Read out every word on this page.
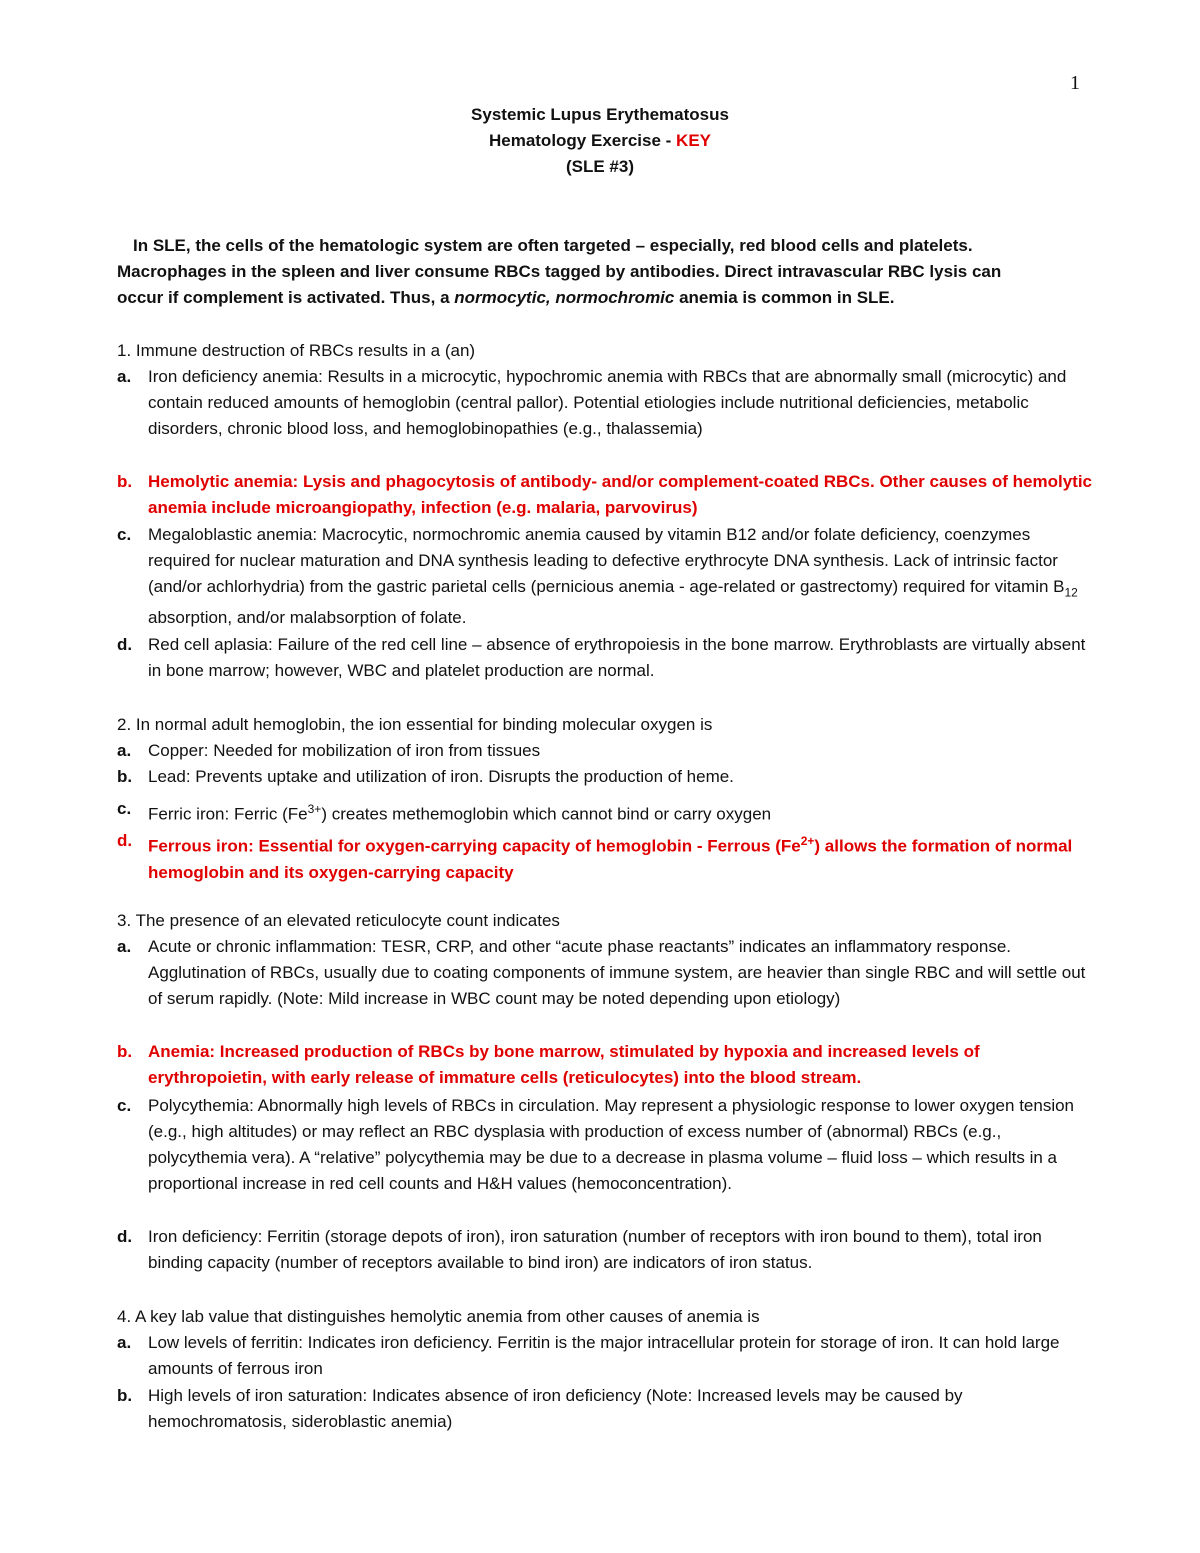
1
Systemic Lupus Erythematosus
Hematology Exercise - KEY
(SLE #3)
In SLE, the cells of the hematologic system are often targeted – especially, red blood cells and platelets.
Macrophages in the spleen and liver consume RBCs tagged by antibodies. Direct intravascular RBC lysis can
occur if complement is activated. Thus, a normocytic, normochromic anemia is common in SLE.
1. Immune destruction of RBCs results in a (an)
a. Iron deficiency anemia: Results in a microcytic, hypochromic anemia with RBCs that are abnormally small (microcytic) and contain reduced amounts of hemoglobin (central pallor). Potential etiologies include nutritional deficiencies, metabolic disorders, chronic blood loss, and hemoglobinopathies (e.g., thalassemia)
b. Hemolytic anemia: Lysis and phagocytosis of antibody- and/or complement-coated RBCs. Other causes of hemolytic anemia include microangiopathy, infection (e.g. malaria, parvovirus)
c. Megaloblastic anemia: Macrocytic, normochromic anemia caused by vitamin B12 and/or folate deficiency, coenzymes required for nuclear maturation and DNA synthesis leading to defective erythrocyte DNA synthesis. Lack of intrinsic factor (and/or achlorhydria) from the gastric parietal cells (pernicious anemia - age-related or gastrectomy) required for vitamin $B_{12}$ absorption, and/or malabsorption of folate.
d. Red cell aplasia: Failure of the red cell line – absence of erythropoiesis in the bone marrow. Erythroblasts are virtually absent in bone marrow; however, WBC and platelet production are normal.
2. In normal adult hemoglobin, the ion essential for binding molecular oxygen is
a. Copper: Needed for mobilization of iron from tissues
b. Lead: Prevents uptake and utilization of iron. Disrupts the production of heme.
c. Ferric iron: Ferric $(Fe^{3+})$ creates methemoglobin which cannot bind or carry oxygen
d. Ferrous iron: Essential for oxygen-carrying capacity of hemoglobin - Ferrous $(Fe^{2+})$ allows the formation of normal hemoglobin and its oxygen-carrying capacity
3. The presence of an elevated reticulocyte count indicates
a. Acute or chronic inflammation: TESR, CRP, and other “acute phase reactants” indicates an inflammatory response. Agglutination of RBCs, usually due to coating components of immune system, are heavier than single RBC and will settle out of serum rapidly. (Note: Mild increase in WBC count may be noted depending upon etiology)
b. Anemia: Increased production of RBCs by bone marrow, stimulated by hypoxia and increased levels of erythropoietin, with early release of immature cells (reticulocytes) into the blood stream.
c. Polycythemia: Abnormally high levels of RBCs in circulation. May represent a physiologic response to lower oxygen tension (e.g., high altitudes) or may reflect an RBC dysplasia with production of excess number of (abnormal) RBCs (e.g., polycythemia vera). A “relative” polycythemia may be due to a decrease in plasma volume – fluid loss – which results in a proportional increase in red cell counts and H&H values (hemoconcentration).
d. Iron deficiency: Ferritin (storage depots of iron), iron saturation (number of receptors with iron bound to them), total iron binding capacity (number of receptors available to bind iron) are indicators of iron status.
4. A key lab value that distinguishes hemolytic anemia from other causes of anemia is
a. Low levels of ferritin: Indicates iron deficiency. Ferritin is the major intracellular protein for storage of iron. It can hold large amounts of ferrous iron
b. High levels of iron saturation: Indicates absence of iron deficiency (Note: Increased levels may be caused by hemochromatosis, sideroblastic anemia)
